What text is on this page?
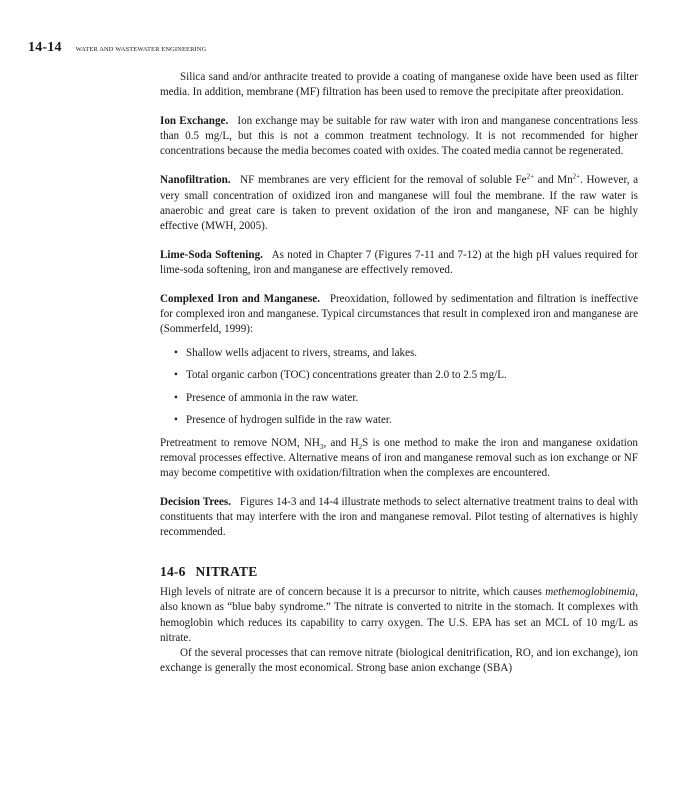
14-14 WATER AND WASTEWATER ENGINEERING

Silica sand and/or anthracite treated to provide a coating of manganese oxide have been used as filter media. In addition, membrane (MF) filtration has been used to remove the precipitate after preoxidation.

Ion Exchange. Ion exchange may be suitable for raw water with iron and manganese concentrations less than 0.5 mg/L, but this is not a common treatment technology. It is not recommended for higher concentrations because the media becomes coated with oxides. The coated media cannot be regenerated.

Nanofiltration. NF membranes are very efficient for the removal of soluble $Fe^{2+}$ and $Mn^{2+}$. However, a very small concentration of oxidized iron and manganese will foul the membrane. If the raw water is anaerobic and great care is taken to prevent oxidation of the iron and manganese, NF can be highly effective (MWH, 2005).

Lime-Soda Softening. As noted in Chapter 7 (Figures 7-11 and 7-12) at the high pH values required for lime-soda softening, iron and manganese are effectively removed.

Complexed Iron and Manganese. Preoxidation, followed by sedimentation and filtration is ineffective for complexed iron and manganese. Typical circumstances that result in complexed iron and manganese are (Sommerfeld, 1999):

• Shallow wells adjacent to rivers, streams, and lakes.
• Total organic carbon (TOC) concentrations greater than 2.0 to 2.5 mg/L.
• Presence of ammonia in the raw water.
• Presence of hydrogen sulfide in the raw water.

Pretreatment to remove NOM, $NH_3$, and $H_2S$ is one method to make the iron and manganese oxidation removal processes effective. Alternative means of iron and manganese removal such as ion exchange or NF may become competitive with oxidation/filtration when the complexes are encountered.

Decision Trees. Figures 14-3 and 14-4 illustrate methods to select alternative treatment trains to deal with constituents that may interfere with the iron and manganese removal. Pilot testing of alternatives is highly recommended.

14-6 NITRATE

High levels of nitrate are of concern because it is a precursor to nitrite, which causes methemoglobinemia, also known as “blue baby syndrome.” The nitrate is converted to nitrite in the stomach. It complexes with hemoglobin which reduces its capability to carry oxygen. The U.S. EPA has set an MCL of 10 mg/L as nitrate.

Of the several processes that can remove nitrate (biological denitrification, RO, and ion exchange), ion exchange is generally the most economical. Strong base anion exchange (SBA)
